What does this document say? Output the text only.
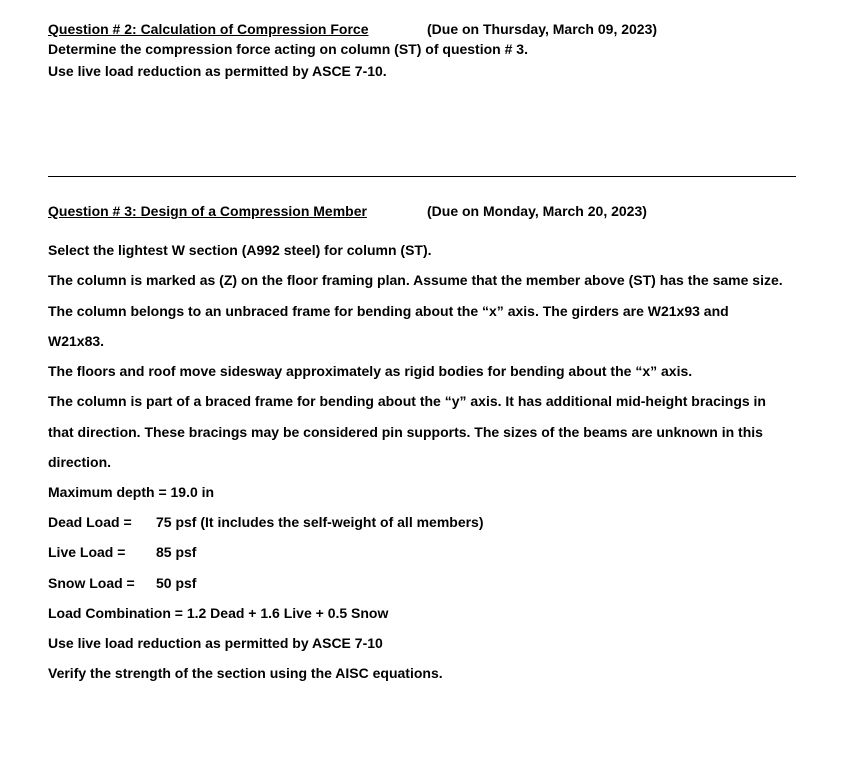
Question # 2: Calculation of Compression Force	(Due on Thursday, March 09, 2023)
Determine the compression force acting on column (ST) of question # 3.
Use live load reduction as permitted by ASCE 7-10.
Question # 3: Design of a Compression Member	(Due on Monday, March 20, 2023)
Select the lightest W section (A992 steel) for column (ST).
The column is marked as (Z) on the floor framing plan. Assume that the member above (ST) has the same size.
The column belongs to an unbraced frame for bending about the “x” axis. The girders are W21x93 and
W21x83.
The floors and roof move sidesway approximately as rigid bodies for bending about the “x” axis.
The column is part of a braced frame for bending about the “y” axis. It has additional mid-height bracings in
that direction. These bracings may be considered pin supports. The sizes of the beams are unknown in this
direction.
Maximum depth = 19.0 in
Dead Load = 75 psf (It includes the self-weight of all members)
Live Load = 85 psf
Snow Load = 50 psf
Load Combination = 1.2 Dead + 1.6 Live + 0.5 Snow
Use live load reduction as permitted by ASCE 7-10
Verify the strength of the section using the AISC equations.
